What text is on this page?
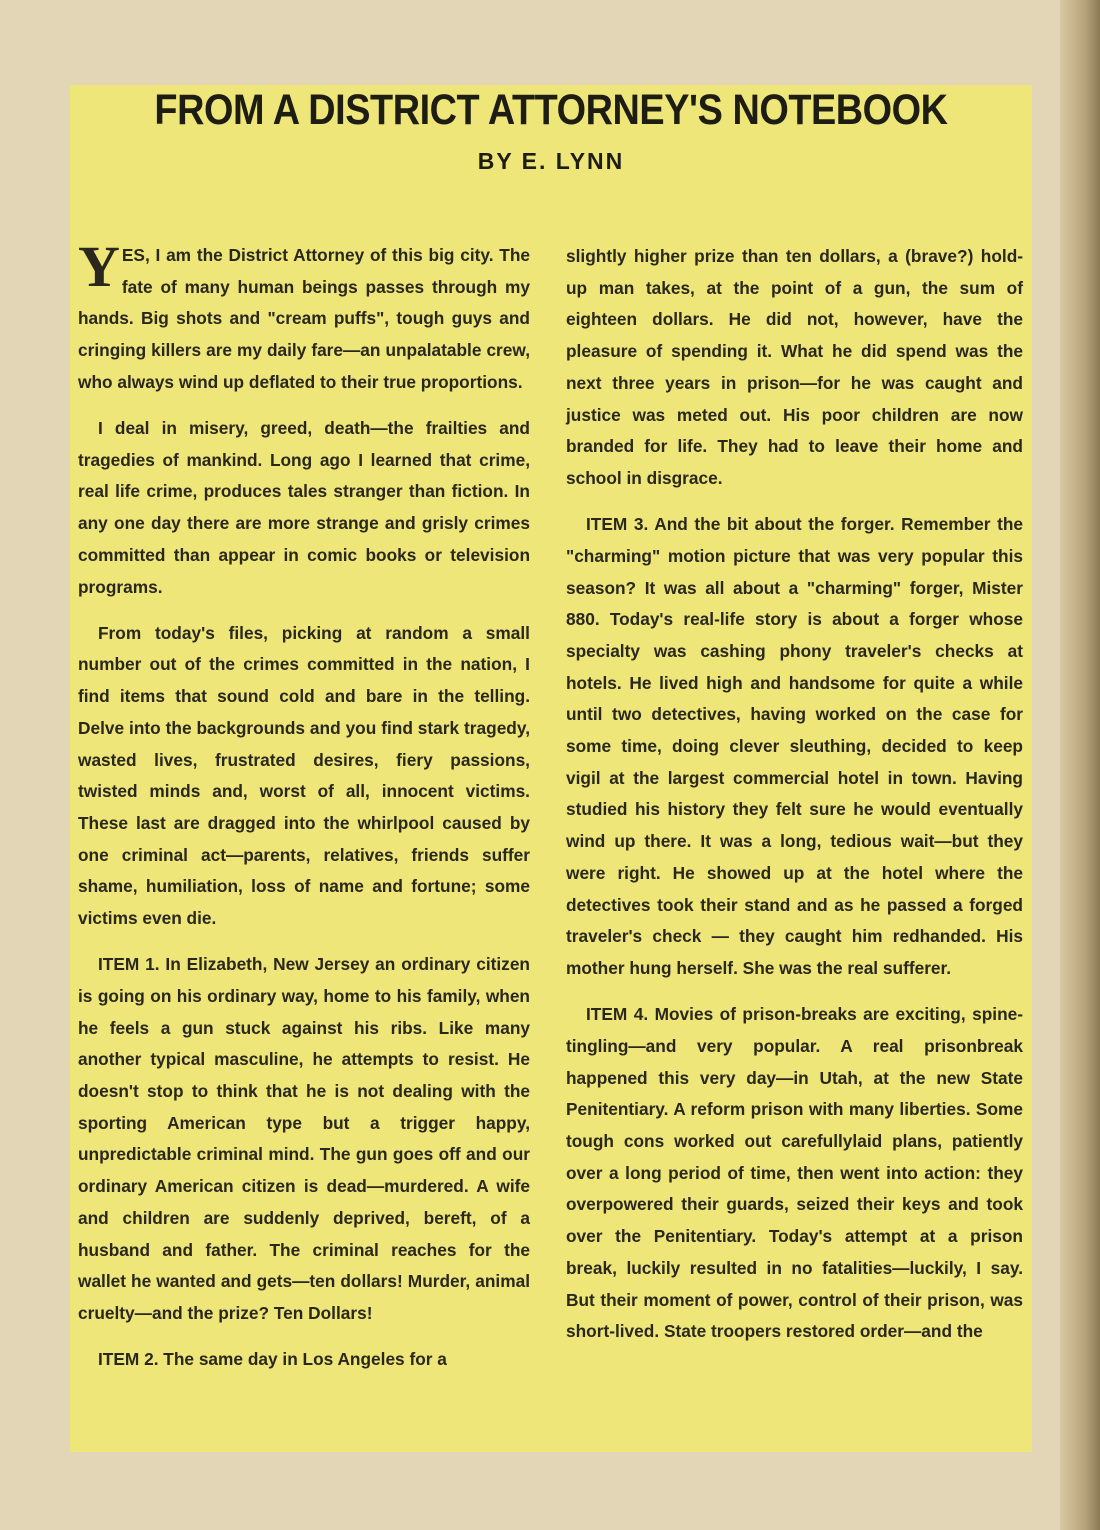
FROM A DISTRICT ATTORNEY'S NOTEBOOK
BY E. LYNN

YES, I am the District Attorney of this big city. The fate of many human beings passes through my hands. Big shots and "cream puffs", tough guys and cringing killers are my daily fare—an unpalatable crew, who always wind up deflated to their true proportions.

I deal in misery, greed, death—the frailties and tragedies of mankind. Long ago I learned that crime, real life crime, produces tales stranger than fiction. In any one day there are more strange and grisly crimes committed than appear in comic books or television programs.

From today's files, picking at random a small number out of the crimes committed in the nation, I find items that sound cold and bare in the telling. Delve into the backgrounds and you find stark tragedy, wasted lives, frustrated desires, fiery passions, twisted minds and, worst of all, innocent victims. These last are dragged into the whirlpool caused by one criminal act—parents, relatives, friends suffer shame, humiliation, loss of name and fortune; some victims even die.

ITEM 1. In Elizabeth, New Jersey an ordinary citizen is going on his ordinary way, home to his family, when he feels a gun stuck against his ribs. Like many another typical masculine, he attempts to resist. He doesn't stop to think that he is not dealing with the sporting American type but a trigger happy, unpredictable criminal mind. The gun goes off and our ordinary American citizen is dead—murdered. A wife and children are suddenly deprived, bereft, of a husband and father. The criminal reaches for the wallet he wanted and gets—ten dollars! Murder, animal cruelty—and the prize? Ten Dollars!

ITEM 2. The same day in Los Angeles for a

slightly higher prize than ten dollars, a (brave?) hold-up man takes, at the point of a gun, the sum of eighteen dollars. He did not, however, have the pleasure of spending it. What he did spend was the next three years in prison—for he was caught and justice was meted out. His poor children are now branded for life. They had to leave their home and school in disgrace.

ITEM 3. And the bit about the forger. Remember the "charming" motion picture that was very popular this season? It was all about a "charming" forger, Mister 880. Today's real-life story is about a forger whose specialty was cashing phony traveler's checks at hotels. He lived high and handsome for quite a while until two detectives, having worked on the case for some time, doing clever sleuthing, decided to keep vigil at the largest commercial hotel in town. Having studied his history they felt sure he would eventually wind up there. It was a long, tedious wait—but they were right. He showed up at the hotel where the detectives took their stand and as he passed a forged traveler's check — they caught him redhanded. His mother hung herself. She was the real sufferer.

ITEM 4. Movies of prison-breaks are exciting, spine-tingling—and very popular. A real prisonbreak happened this very day—in Utah, at the new State Penitentiary. A reform prison with many liberties. Some tough cons worked out carefullylaid plans, patiently over a long period of time, then went into action: they overpowered their guards, seized their keys and took over the Penitentiary. Today's attempt at a prison break, luckily resulted in no fatalities—luckily, I say. But their moment of power, control of their prison, was short-lived. State troopers restored order—and the
